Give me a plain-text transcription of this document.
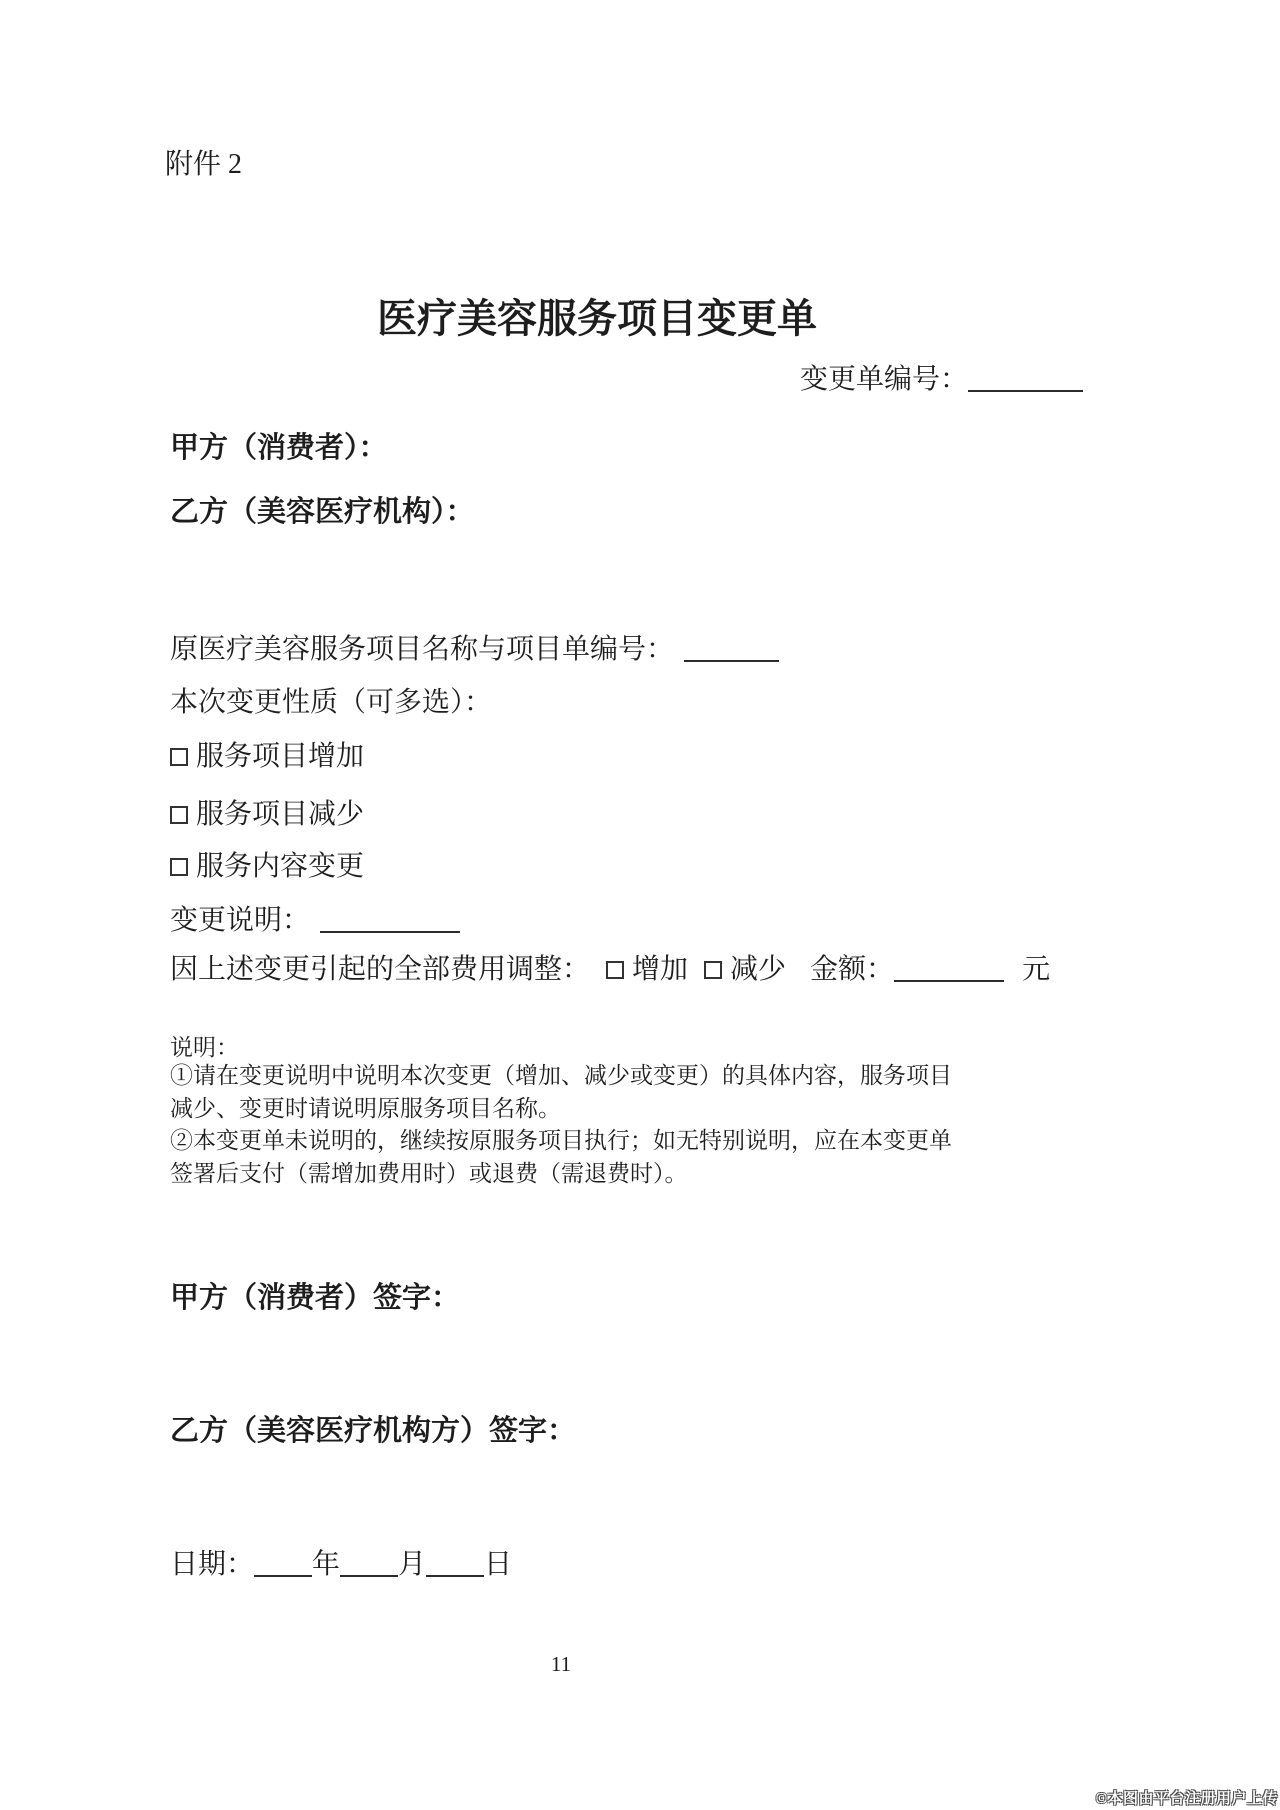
附件 2
医疗美容服务项目变更单
变更单编号：
甲方（消费者）：
乙方（美容医疗机构）：
原医疗美容服务项目名称与项目单编号：
本次变更性质（可多选）：
服务项目增加
服务项目减少
服务内容变更
变更说明：
因上述变更引起的全部费用调整： 增加 减少 金额：	元
说明：
①请在变更说明中说明本次变更（增加、减少或变更）的具体内容，服务项目
减少、变更时请说明原服务项目名称。
②本变更单未说明的，继续按原服务项目执行；如无特别说明，应在本变更单
签署后支付（需增加费用时）或退费（需退费时）。
甲方（消费者）签字：
乙方（美容医疗机构方）签字：
日期： 年 月 日
11
©本图由平台注册用户上传
